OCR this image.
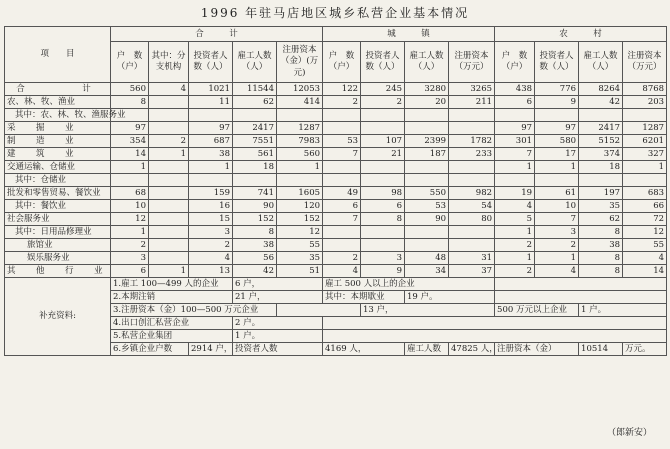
1996 年驻马店地区城乡私营企业基本情况
项　　目	合　　　计					城　　　镇				农　　　村			
	户　数（户）	其中：分支机构	投资者人数（人）	雇工人数（人）	注册资本（金）(万元)	户　数（户）	投资者人数（人）	雇工人数（人）	注册资本（万元）	户　数（户）	投资者人数（人）	雇工人数（人）	注册资本（万元）
合　　　计	560	4	1021	11544	12053	122	245	3280	3265	438	776	8264	8768
农、林、牧、渔业	8		11	62	414	2	2	20	211	6	9	42	203
其中：农、林、牧、渔服务业													
采　掘　业	97		97	2417	1287					97	97	2417	1287
制　造　业	354	2	687	7551	7983	53	107	2399	1782	301	580	5152	6201
建　筑　业	14	1	38	561	560	7	21	187	233	7	17	374	327
交通运输、仓储业	1		1	18	1					1	1	18	1
其中：仓储业													
批发和零售贸易、餐饮业	68		159	741	1605	49	98	550	982	19	61	197	683
其中：餐饮业	10		16	90	120	6	6	53	54	4	10	35	66
社会服务业	12		15	152	152	7	8	90	80	5	7	62	72
其中：日用品修理业	1		3	8	12					1	3	8	12
旅馆业	2		2	38	55					2	2	38	55
娱乐服务业	3		4	56	35	2	3	48	31	1	1	8	4
其　他　行　业	6	1	13	42	51	4	9	34	37	2	4	8	14
补充资料:	1.雇工 100—499 人的企业			6 户，		雇工 500 人以上的企业							
	2.本期注销			21 户，		其中：本期歇业		19 户。					
	3.注册资本（金）100—500 万元企业						13 户，			500 万元以上企业		1 户。	
	4.出口创汇私营企业			2 户。									
	5.私营企业集团			1 户。									
	6.乡镇企业户数		2914 户，	投资者人数		4169 人，		雇工人数	47825 人，	注册资本（金）		10514	万元。
（郎新安）
